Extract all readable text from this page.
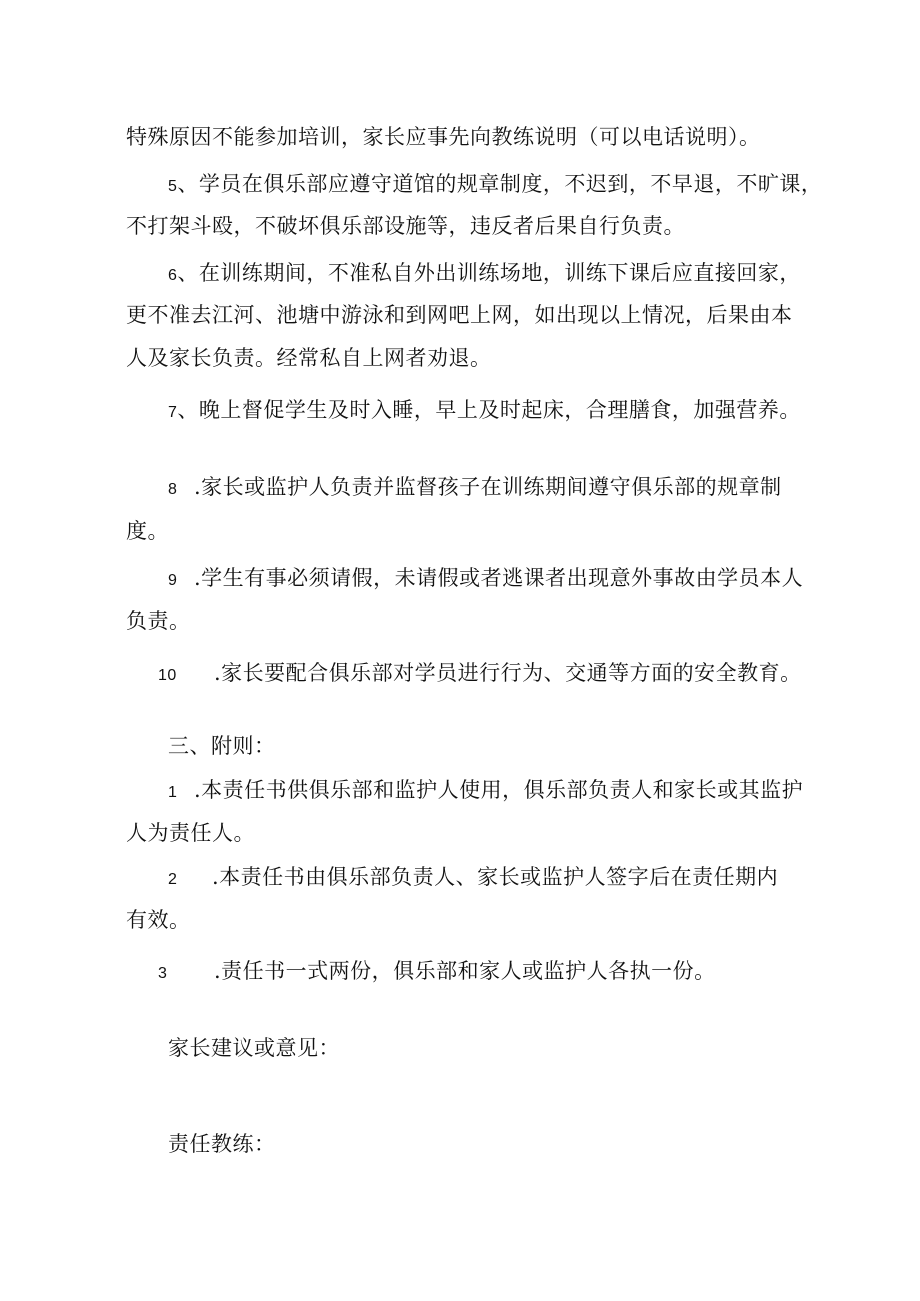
特殊原因不能参加培训，家长应事先向教练说明（可以电话说明）。
5、学员在俱乐部应遵守道馆的规章制度，不迟到，不早退，不旷课，
不打架斗殴，不破坏俱乐部设施等，违反者后果自行负责。
6、在训练期间，不准私自外出训练场地，训练下课后应直接回家，
更不准去江河、池塘中游泳和到网吧上网，如出现以上情况，后果由本
人及家长负责。经常私自上网者劝退。
7、晚上督促学生及时入睡，早上及时起床，合理膳食，加强营养。
8 .家长或监护人负责并监督孩子在训练期间遵守俱乐部的规章制
度。
9 .学生有事必须请假，未请假或者逃课者出现意外事故由学员本人
负责。
10 .家长要配合俱乐部对学员进行行为、交通等方面的安全教育。
三、附则：
1 .本责任书供俱乐部和监护人使用，俱乐部负责人和家长或其监护
人为责任人。
2 .本责任书由俱乐部负责人、家长或监护人签字后在责任期内
有效。
3 .责任书一式两份，俱乐部和家人或监护人各执一份。
家长建议或意见：
责任教练：
